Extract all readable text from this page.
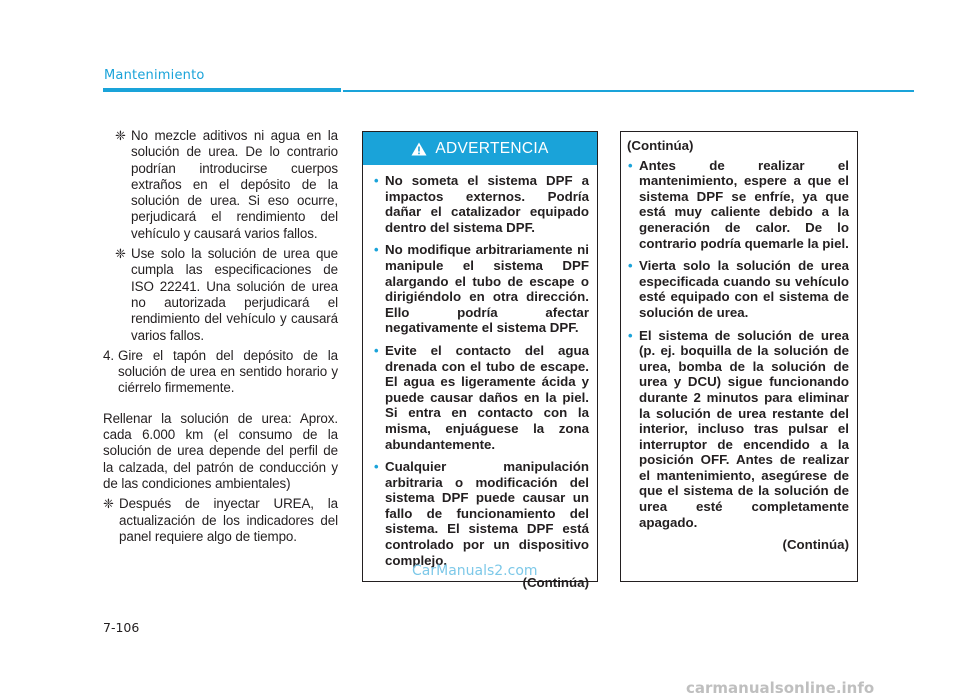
Mantenimiento
❈ No mezcle aditivos ni agua en la solución de urea. De lo contrario podrían introducirse cuerpos extraños en el depósito de la solución de urea. Si eso ocurre, perjudicará el rendimiento del vehículo y causará varios fallos.
❈ Use solo la solución de urea que cumpla las especificaciones de ISO 22241. Una solución de urea no autorizada perjudicará el rendimiento del vehículo y causará varios fallos.
4. Gire el tapón del depósito de la solución de urea en sentido horario y ciérrelo firmemente.
Rellenar la solución de urea: Aprox. cada 6.000 km (el consumo de la solución de urea depende del perfil de la calzada, del patrón de conducción y de las condiciones ambientales)
❈ Después de inyectar UREA, la actualización de los indicadores del panel requiere algo de tiempo.
ADVERTENCIA
• No someta el sistema DPF a impactos externos. Podría dañar el catalizador equipado dentro del sistema DPF.
• No modifique arbitrariamente ni manipule el sistema DPF alargando el tubo de escape o dirigiéndolo en otra dirección. Ello podría afectar negativamente el sistema DPF.
• Evite el contacto del agua drenada con el tubo de escape. El agua es ligeramente ácida y puede causar daños en la piel. Si entra en contacto con la misma, enjuáguese la zona abundantemente.
• Cualquier manipulación arbitraria o modificación del sistema DPF puede causar un fallo de funcionamiento del sistema. El sistema DPF está controlado por un dispositivo complejo.
(Continúa)
(Continúa)
• Antes de realizar el mantenimiento, espere a que el sistema DPF se enfríe, ya que está muy caliente debido a la generación de calor. De lo contrario podría quemarle la piel.
• Vierta solo la solución de urea especificada cuando su vehículo esté equipado con el sistema de solución de urea.
• El sistema de solución de urea (p. ej. boquilla de la solución de urea, bomba de la solución de urea y DCU) sigue funcionando durante 2 minutos para eliminar la solución de urea restante del interior, incluso tras pulsar el interruptor de encendido a la posición OFF. Antes de realizar el mantenimiento, asegúrese de que el sistema de la solución de urea esté completamente apagado.
(Continúa)
CarManuals2.com
7-106
carmanualsonline.info
